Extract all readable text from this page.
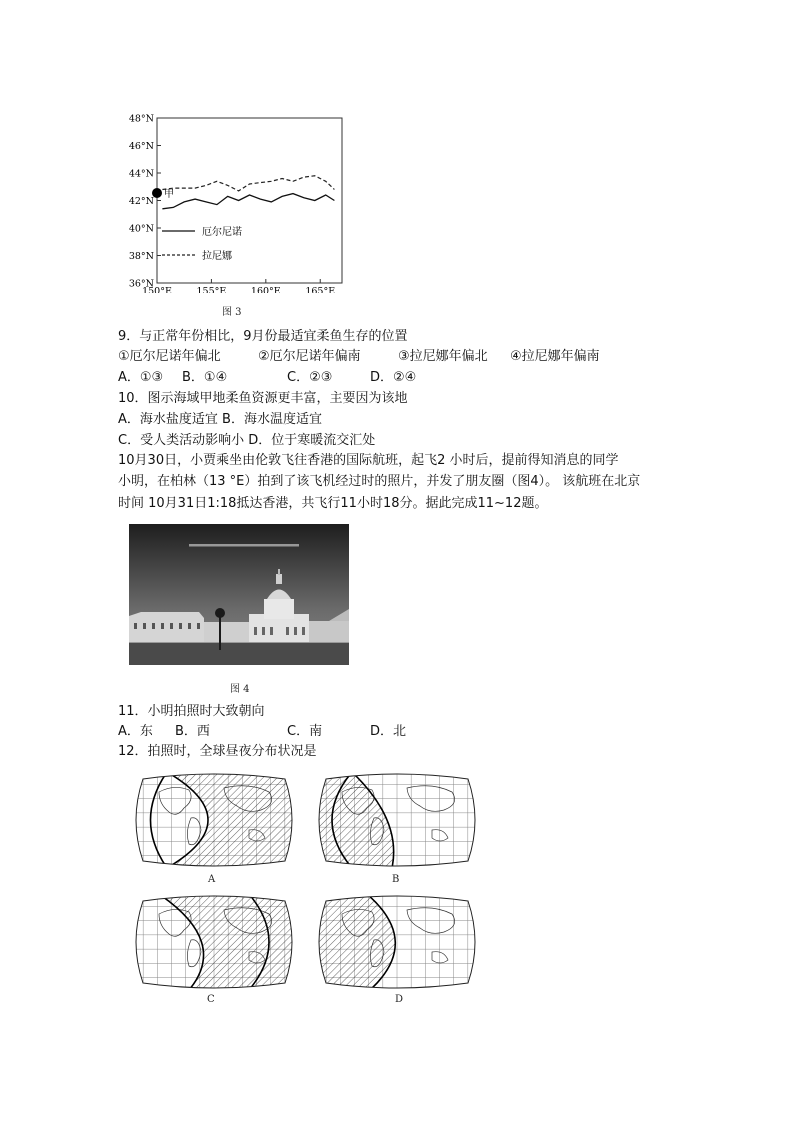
48°N
46°N
44°N
42°N
40°N
38°N
36°N
150°E	155°E	160°E	165°E
甲
厄尔尼诺
拉尼娜
图 3
9．与正常年份相比，9月份最适宜柔鱼生存的位置
①厄尔尼诺年偏北	②厄尔尼诺年偏南	③拉尼娜年偏北 ④拉尼娜年偏南
A．①③ B．①④	C．②③	D．②④
10．图示海域甲地柔鱼资源更丰富，主要因为该地
A．海水盐度适宜 B．海水温度适宜
C．受人类活动影响小 D．位于寒暖流交汇处
10月30日，小贾乘坐由伦敦飞往香港的国际航班，起飞2 小时后，提前得知消息的同学
小明，在柏林（13 °E）拍到了该飞机经过时的照片，并发了朋友圈（图4）。 该航班在北京
时间 10月31日1:18抵达香港，共飞行11小时18分。据此完成11~12题。
图 4
11．小明拍照时大致朝向
A．东 B．西	C．南	D．北
12．拍照时，全球昼夜分布状况是
A	B
C	D
